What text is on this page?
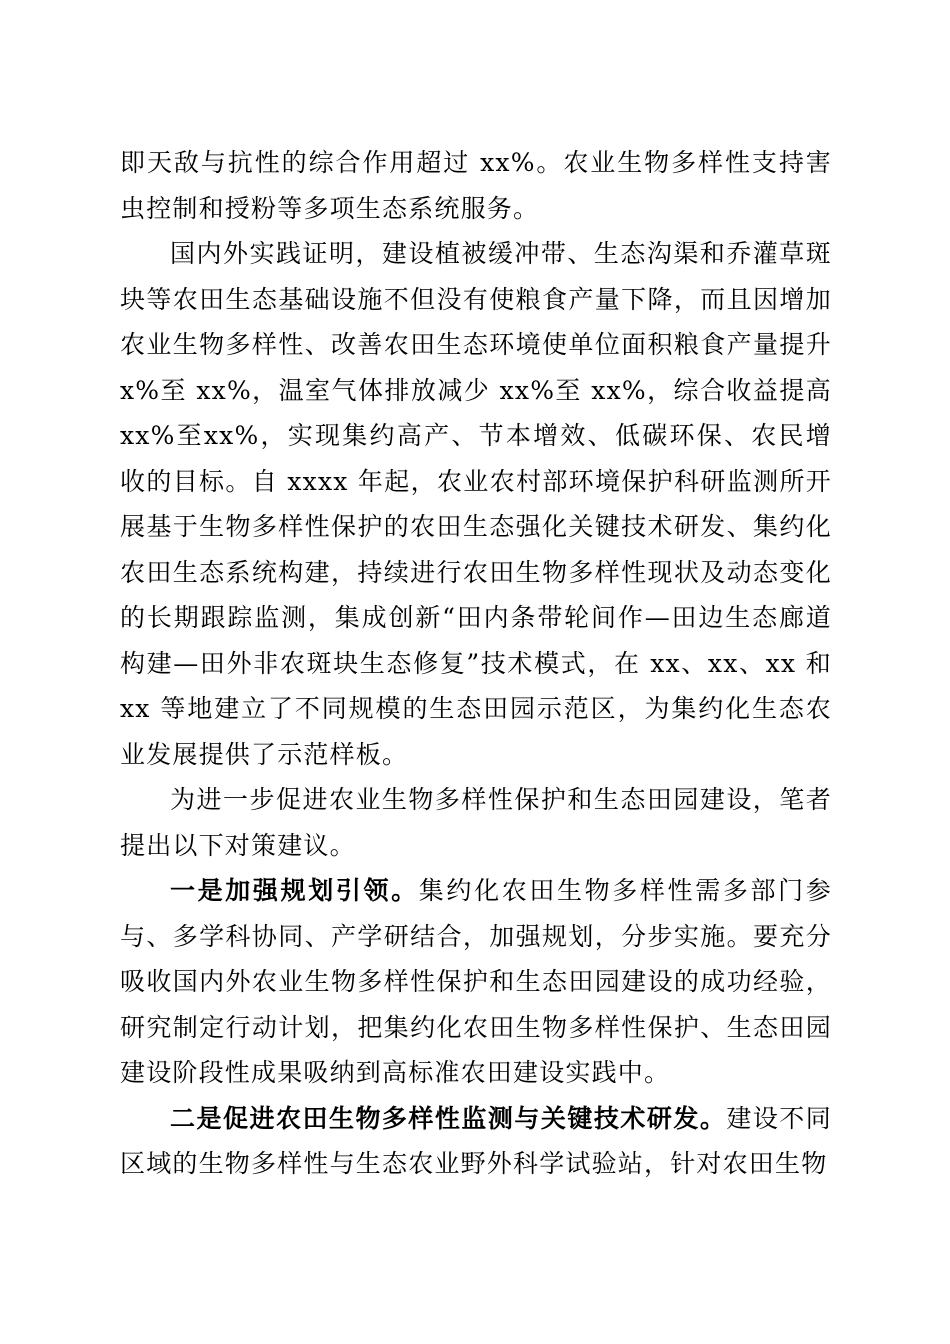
即天敌与抗性的综合作用超过 xx%。农业生物多样性支持害虫控制和授粉等多项生态系统服务。

国内外实践证明，建设植被缓冲带、生态沟渠和乔灌草斑块等农田生态基础设施不但没有使粮食产量下降，而且因增加农业生物多样性、改善农田生态环境使单位面积粮食产量提升 x%至 xx%，温室气体排放减少 xx%至 xx%，综合收益提高 xx%至xx%，实现集约高产、节本增效、低碳环保、农民增收的目标。自 xxxx 年起，农业农村部环境保护科研监测所开展基于生物多样性保护的农田生态强化关键技术研发、集约化农田生态系统构建，持续进行农田生物多样性现状及动态变化的长期跟踪监测，集成创新“田内条带轮间作—田边生态廊道构建—田外非农斑块生态修复”技术模式，在 xx、xx、xx 和 xx 等地建立了不同规模的生态田园示范区，为集约化生态农业发展提供了示范样板。

为进一步促进农业生物多样性保护和生态田园建设，笔者提出以下对策建议。

一是加强规划引领。集约化农田生物多样性需多部门参与、多学科协同、产学研结合，加强规划，分步实施。要充分吸收国内外农业生物多样性保护和生态田园建设的成功经验，研究制定行动计划，把集约化农田生物多样性保护、生态田园建设阶段性成果吸纳到高标准农田建设实践中。

二是促进农田生物多样性监测与关键技术研发。建设不同区域的生物多样性与生态农业野外科学试验站，针对农田生物
